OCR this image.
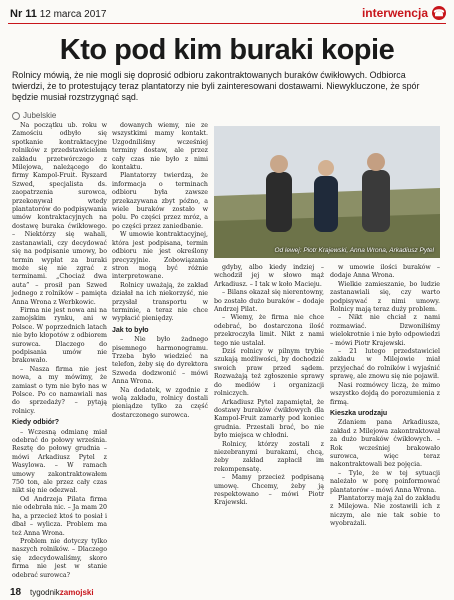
Nr 11 12 marca 2017	interwencja ☎
Kto pod kim buraki kopie

Rolnicy mówią, że nie mogli się doprosić odbioru zakontraktowanych buraków ćwikłowych. Odbiorca twierdzi, że to protestujący teraz plantatorzy nie byli zainteresowani dostawami. Niewykluczone, że spór będzie musiał rozstrzygnąć sąd.

Jubelskie

Na początku ub. roku w Zamościu odbyło się spotkanie kontraktacyjne rolników z przedstawicielem zakładu przetwórczego z Milejowa, należącego do firmy Kampol-Fruit. Ryszard Szwed, specjalista ds. zaopatrzenia surowca, przekonywał wtedy plantatorów do podpisywania umów kontraktacyjnych na dostawę buraka ćwikłowego. – Niektórzy się wahali, zastanawiali, czy decydować się na podpisanie umowy, bo termin wypłat za buraki może się nie zgrać z terminami. „Chociaż dwa auta” – prosił pan Szwed jednego z rolników – pamięta Anna Wrona z Werbkowic.

Firma nie jest nowa ani na zamojskim rynku, ani w Polsce. W poprzednich latach nie było kłopotów z odbiorem surowca. Dlaczego do podpisania umów nie brakowało.

– Nasza firma nie jest nowa, a my mówimy, że zamiast o tym nie było nas w Polsce. Po co namawiali nas do sprzedaży? – pytają rolnicy.

Kiedy odbiór?

– Wczesną odmianę miał odebrać do połowy września. Resztę do połowy grudnia – mówi Arkadiusz Pytel z Wasylowa. – W ramach umowy zakontraktowałem 750 ton, ale przez cały czas nikt się nie odezwał.

Od Andrzeja Pilata firma nie odebrała nic. – Ja mam 20 ha, a przecież ktoś to posiał i dbał – wylicza. Problem ma też Anna Wrona.

Problem nie dotyczy tylko naszych rolników. – Dlaczego się zdecydowaliśmy, skoro firma nie jest w stanie odebrać surowca?

dowanych wiemy, nie ze wszystkimi mamy kontakt. Uzgodniliśmy wcześniej terminy dostaw, ale przez cały czas nie było z nimi kontaktu.

Plantatorzy twierdzą, że informacja o terminach odbioru była zawsze przekazywana zbyt późno, a wiele buraków zostało w polu. Po części przez mróz, a po części przez zaniedbanie.

W umowie kontraktacyjnej, która jest podpisana, termin odbioru nie jest określony precyzyjnie. Zobowiązania stron mogą być różnie interpretowane.

Rolnicy uważają, że zakład działał na ich niekorzyść, nie przysłał transportu w terminie, a teraz nie chce wypłacić pieniędzy.

Jak to było

– Nie było żadnego pisemnego harmonogramu. Trzeba było wiedzieć na telefon, żeby się do dyrektora Szweda dodzwonić – mówi Anna Wrona.

Na dodatek, w zgodnie z wolą zakładu, rolnicy dostali pieniądze tylko za część dostarczonego surowca.

Od lewej: Piotr Krajewski, Anna Wrona, Arkadiusz Pytel

gdyby, albo kiedy indziej – wchodził jej w słowo mąż Arkadiusz. – I tak w koło Macieju.

– Bilans okazał się nierentowny, bo zostało dużo buraków – dodaje Andrzej Pilat.

– Wiemy, że firma nie chce odebrać, bo dostarczona ilość przekroczyła limit. Nikt z nami tego nie ustalał.

Dziś rolnicy w pilnym trybie szukają możliwości, by dochodzić swoich praw przed sądem. Rozważają też zgłoszenie sprawy do mediów i organizacji rolniczych.

Arkadiusz Pytel zapamiętał, że dostawy buraków ćwikłowych dla Kampol-Fruit zamarły pod koniec grudnia. Przestali brać, bo nie było miejsca w chłodni.

Rolnicy, którzy zostali z niezebranymi burakami, chcą, żeby zakład zapłacił im rekompensatę.

– Mamy przecież podpisaną umowę. Chcemy, żeby ją respektowano – mówi Piotr Krajewski.

w umowie ilości buraków – dodaje Anna Wrona.

Wielkie zamieszanie, bo ludzie zastanawiali się, czy warto podpisywać z nimi umowy. Rolnicy mają teraz duży problem.

– Nikt nie chciał z nami rozmawiać. Dzwoniliśmy wielokrotnie i nie było odpowiedzi – mówi Piotr Krajewski.

– 21 lutego przedstawiciel zakładu w Milejowie miał przyjechać do rolników i wyjaśnić sprawę, ale znowu się nie pojawił.

Nasi rozmówcy liczą, że mimo wszystko dojdą do porozumienia z firmą.

Kieszka urodzaju

Zdaniem pana Arkadiusza, zakład z Milejowa zakontraktował za dużo buraków ćwikłowych. – Rok wcześniej brakowało surowca, więc teraz nakontraktowali bez pojęcia.

– Tyle, że w tej sytuacji należało w porę poinformować plantatorów – mówi Anna Wrona.

Plantatorzy mają żal do zakładu z Milejowa. Nie zostawili ich z niczym, ale nie tak sobie to wyobrażali.

18 tygodnikzamojski
